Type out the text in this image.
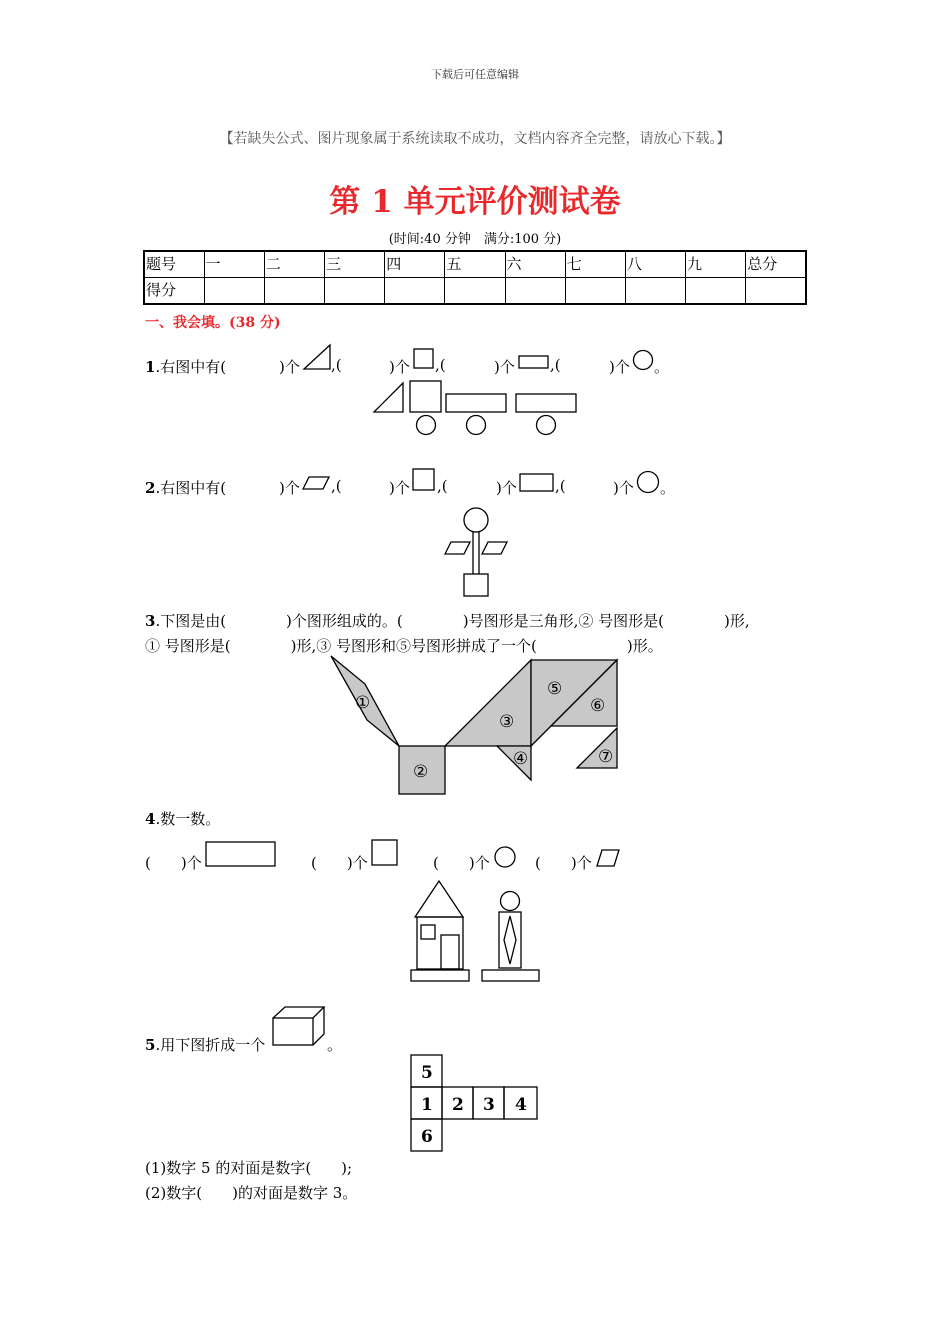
下载后可任意编辑
【若缺失公式、图片现象属于系统读取不成功，文档内容齐全完整，请放心下载。】
第 1 单元评价测试卷
(时间:40 分钟　满分:100 分)
题号	一	二	三	四	五	六	七	八	九	总分
得分										
一、我会填。(38 分)
1.右图中有(	)个 ,(	)个 ,(	)个 ,(	)个 。
2.右图中有(	)个 ,(	)个 ,(	)个	,(	)个 。
3.下图是由(　　　　)个图形组成的。(　　　　)号图形是三角形,② 号图形是(　　　　)形,
① 号图形是(　　　　)形,③ 号图形和⑤号图形拼成了一个(　　　　　　)形。
①
②
③
④
⑤
⑥
⑦
4.数一数。
(　　)个	(　　)个	(　　)个	(　　)个
5.用下图折成一个	。
5
1 2 3 4
6
(1)数字 5 的对面是数字(　　);
(2)数字(　　)的对面是数字 3。
